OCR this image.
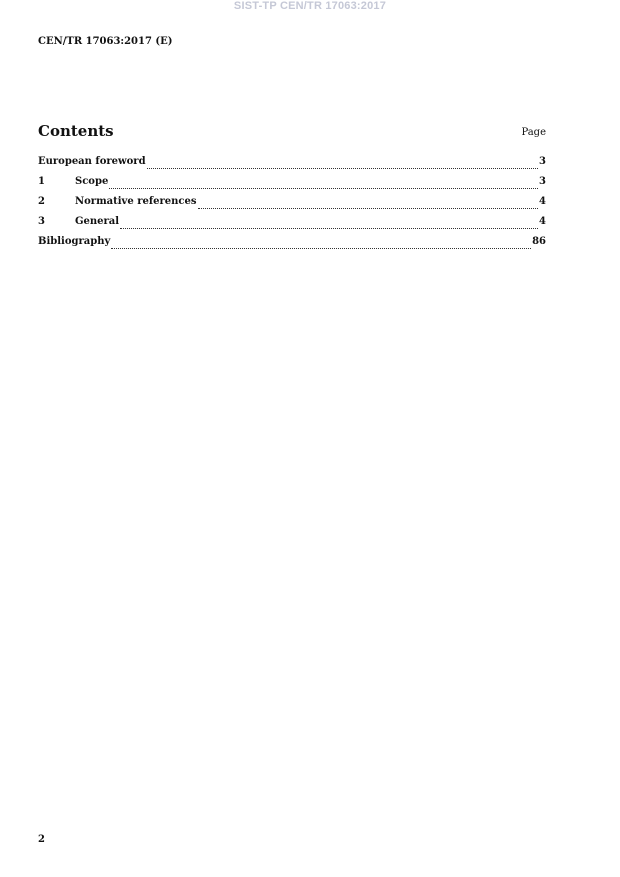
SIST-TP CEN/TR 17063:2017
CEN/TR 17063:2017 (E)
Contents	Page
European foreword	3
1	Scope	3
2	Normative references	4
3	General	4
Bibliography	86
2
